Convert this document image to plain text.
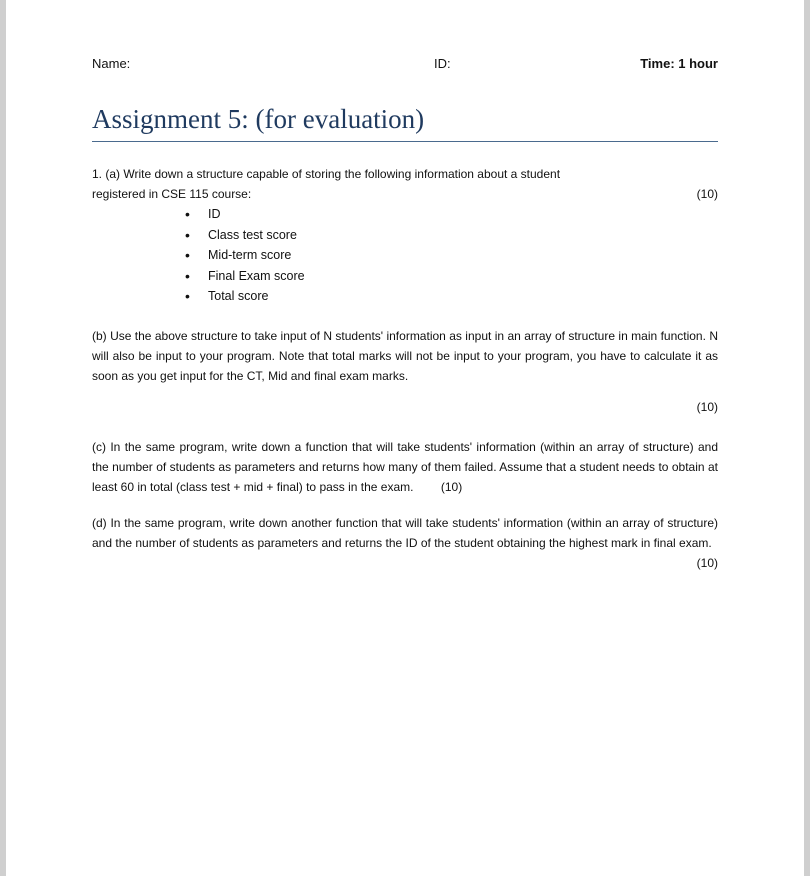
Name:	ID:	Time: 1 hour
Assignment 5: (for evaluation)
1. (a) Write down a structure capable of storing the following information about a student
registered in CSE 115 course:	(10)
• ID
• Class test score
• Mid-term score
• Final Exam score
• Total score
(b) Use the above structure to take input of N students' information as input in an array of structure in main function. N will also be input to your program. Note that total marks will not be input to your program, you have to calculate it as soon as you get input for the CT, Mid and final exam marks.
(10)
(c) In the same program, write down a function that will take students' information (within an array of structure) and the number of students as parameters and returns how many of them failed. Assume that a student needs to obtain at least 60 in total (class test + mid + final) to pass in the exam. (10)
(d) In the same program, write down another function that will take students' information (within an array of structure) and the number of students as parameters and returns the ID of the student obtaining the highest mark in final exam.
(10)
